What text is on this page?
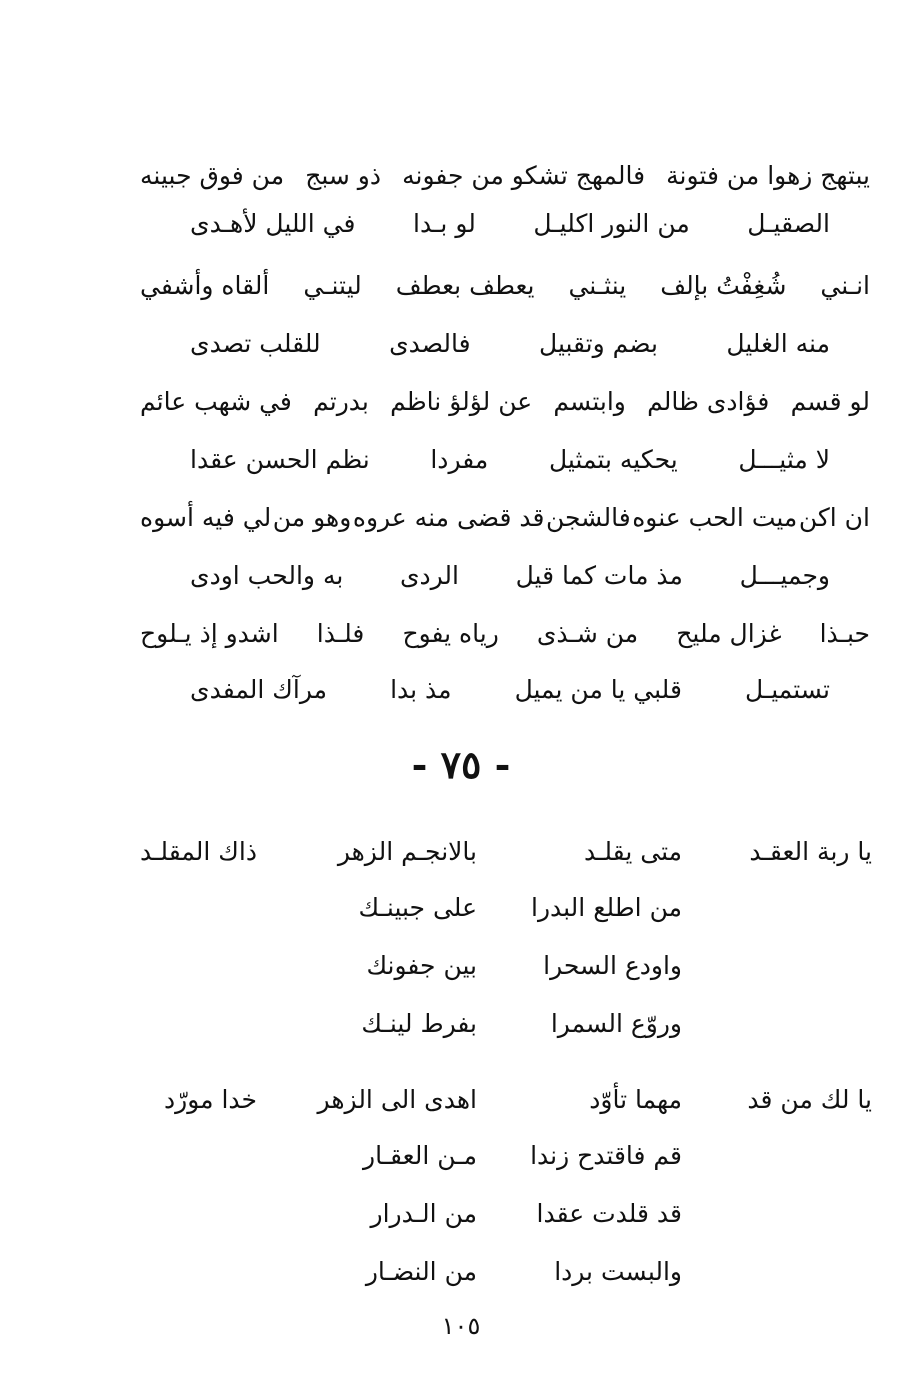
يبتهج زهوا من فتونة
فالمهج تشكو من جفونه
ذو سبج
من فوق جبينه
الصقيـل
من النور اكليـل
لو بـدا
في الليل لأهـدى
انـني
شُغِفْتُ بإلف
ينثـني
يعطف بعطف
ليتنـي
ألقاه وأشفي
منه الغليل
بضم وتقبيل
فالصدى
للقلب تصدى
لو قسم
فؤادى ظالم
وابتسم
عن لؤلؤ ناظم
بدرتم
في شهب عائم
لا مثيـــل
يحكيه بتمثيل
مفردا
نظم الحسن عقدا
ان اكن
ميت الحب عنوه
فالشجن
قد قضى منه عروه
وهو من
لي فيه أسوه
وجميـــل
مذ مات كما قيل
الردى
به والحب اودى
حبـذا
غزال مليح
من شـذى
رياه يفوح
فلـذا
اشدو إذ يـلوح
تستميـل
قلبي يا من يميل
مذ بدا
مرآك المفدى
- ٧٥ -
يا ربة العقـد
متى يقلـد
بالانجـم الزهر
ذاك المقلـد
من اطلع البدرا
على جبينـك
واودع السحرا
بين جفونك
وروّع السمرا
بفرط لينـك
يا لك من قد
مهما تأوّد
اهدى الى الزهر
خدا مورّد
قم فاقتدح زندا
مـن العقـار
قد قلدت عقدا
من الـدرار
والبست بردا
من النضـار
١٠٥
